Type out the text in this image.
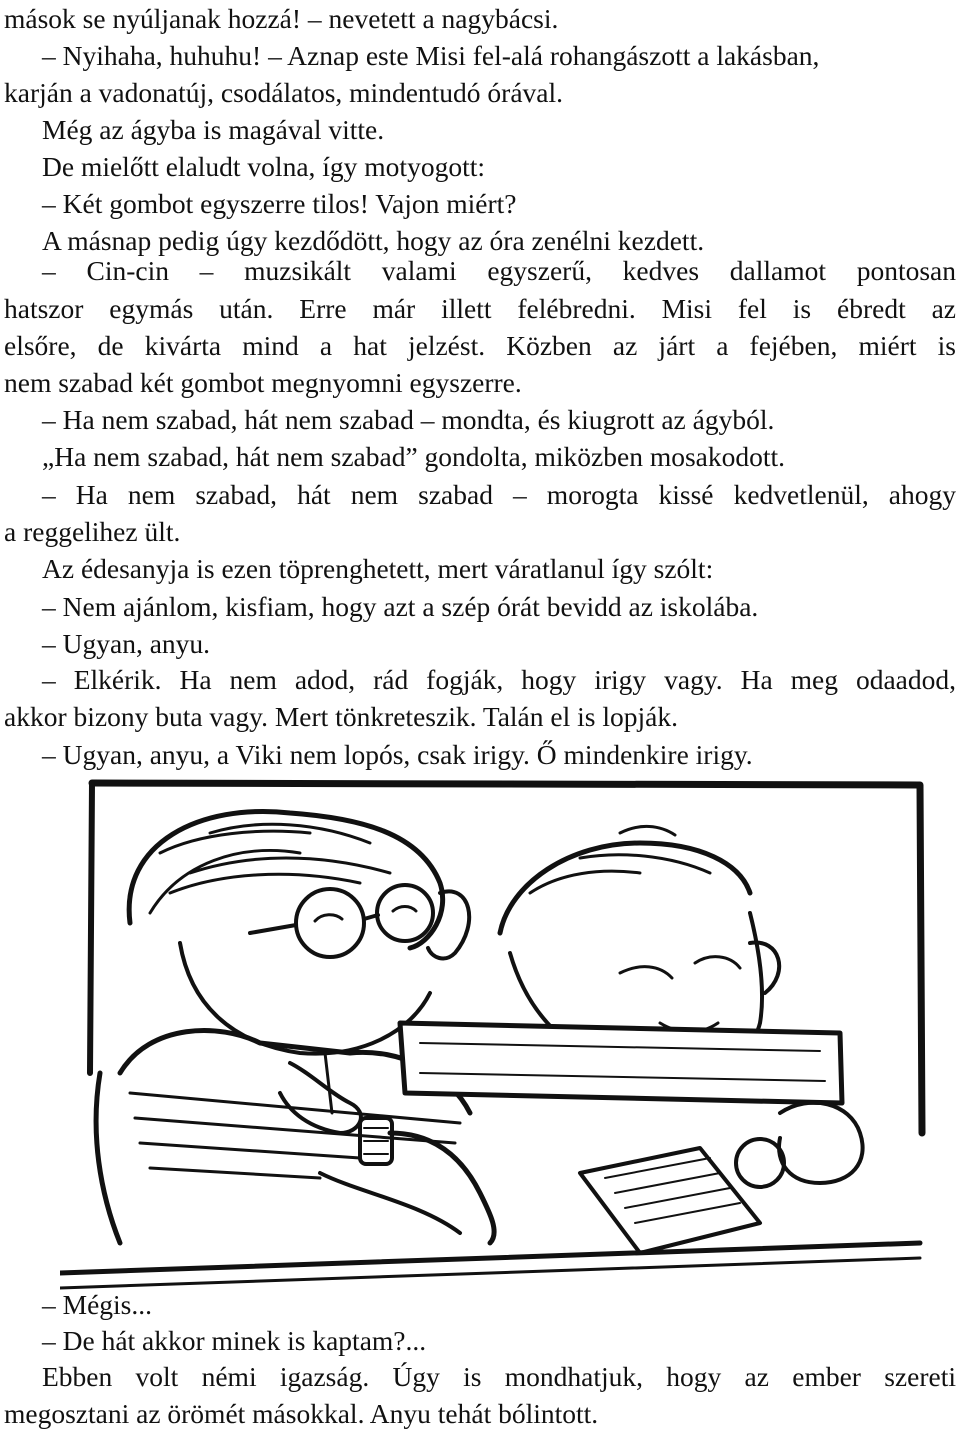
mások se nyúljanak hozzá! – nevetett a nagybácsi.
– Nyihaha, huhuhu! – Aznap este Misi fel-alá rohangászott a lakásban,
karján a vadonatúj, csodálatos, mindentudó órával.
Még az ágyba is magával vitte.
De mielőtt elaludt volna, így motyogott:
– Két gombot egyszerre tilos! Vajon miért?
A másnap pedig úgy kezdődött, hogy az óra zenélni kezdett.
– Cin-cin – muzsikált valami egyszerű, kedves dallamot pontosan
hatszor egymás után. Erre már illett felébredni. Misi fel is ébredt az
elsőre, de kivárta mind a hat jelzést. Közben az járt a fejében, miért is
nem szabad két gombot megnyomni egyszerre.
– Ha nem szabad, hát nem szabad – mondta, és kiugrott az ágyból.
„Ha nem szabad, hát nem szabad” gondolta, miközben mosakodott.
– Ha nem szabad, hát nem szabad – morogta kissé kedvetlenül, ahogy
a reggelihez ült.
Az édesanyja is ezen töprenghetett, mert váratlanul így szólt:
– Nem ajánlom, kisfiam, hogy azt a szép órát bevidd az iskolába.
– Ugyan, anyu.
– Elkérik. Ha nem adod, rád fogják, hogy irigy vagy. Ha meg odaadod,
akkor bizony buta vagy. Mert tönkreteszik. Talán el is lopják.
– Ugyan, anyu, a Viki nem lopós, csak irigy. Ő mindenkire irigy.
– Mégis...
– De hát akkor minek is kaptam?...
Ebben volt némi igazság. Úgy is mondhatjuk, hogy az ember szereti
megosztani az örömét másokkal. Anyu tehát bólintott.
